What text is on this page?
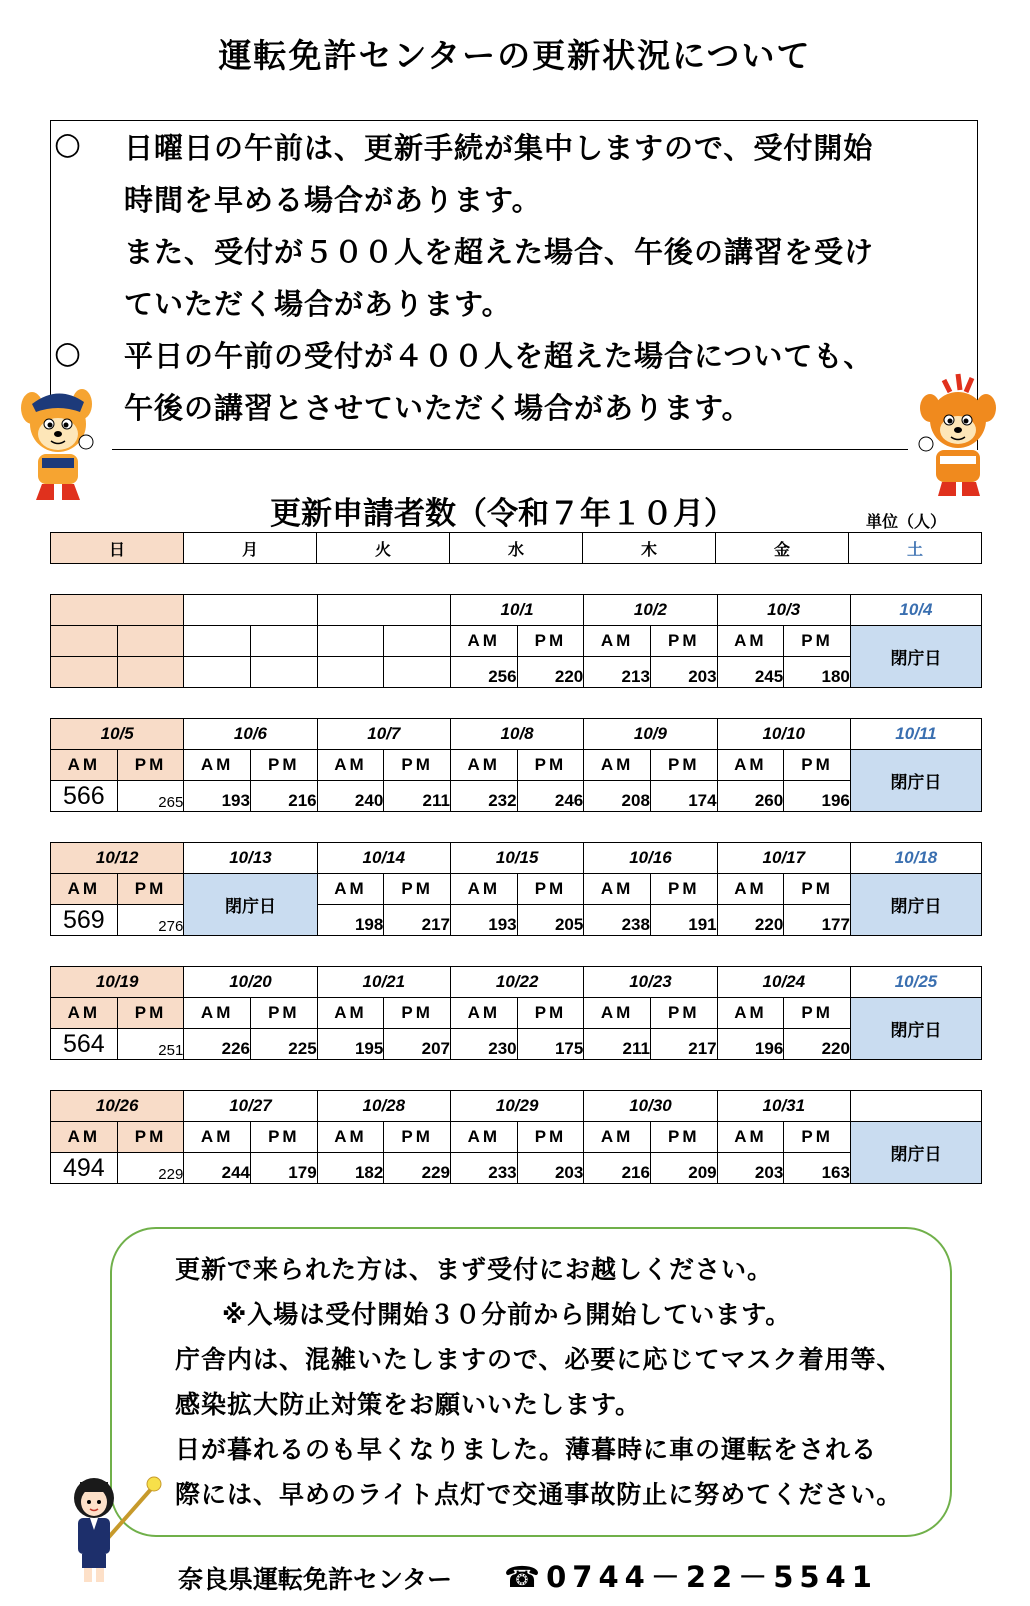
運転免許センターの更新状況について
○
○
日曜日の午前は、更新手続が集中しますので、受付開始
時間を早める場合があります。
また、受付が５００人を超えた場合、午後の講習を受け
ていただく場合があります。
平日の午前の受付が４００人を超えた場合についても、
午後の講習とさせていただく場合があります。
更新申請者数（令和７年１０月）	単位（人）
日	月	火	水	木	金	土
						10/1		10/2		10/3		10/4
						AM	PM	AM	PM	AM	PM	閉庁日
						256	220	213	203	245	180	
10/5		10/6		10/7		10/8		10/9		10/10		10/11
AM	PM	AM	PM	AM	PM	AM	PM	AM	PM	AM	PM	閉庁日
566	265	193	216	240	211	232	246	208	174	260	196	
10/12		10/13	10/14		10/15		10/16		10/17		10/18
AM	PM	閉庁日	AM	PM	AM	PM	AM	PM	AM	PM	閉庁日
569	276		198	217	193	205	238	191	220	177	
10/19		10/20		10/21		10/22		10/23		10/24		10/25
AM	PM	AM	PM	AM	PM	AM	PM	AM	PM	AM	PM	閉庁日
564	251	226	225	195	207	230	175	211	217	196	220	
10/26		10/27		10/28		10/29		10/30		10/31		
AM	PM	AM	PM	AM	PM	AM	PM	AM	PM	AM	PM	閉庁日
494	229	244	179	182	229	233	203	216	209	203	163	
更新で来られた方は、まず受付にお越しください。
※入場は受付開始３０分前から開始しています。
庁舎内は、混雑いたしますので、必要に応じてマスク着用等、
感染拡大防止対策をお願いいたします。
日が暮れるのも早くなりました。薄暮時に車の運転をされる
際には、早めのライト点灯で交通事故防止に努めてください。
奈良県運転免許センター ☎0744－22－5541
